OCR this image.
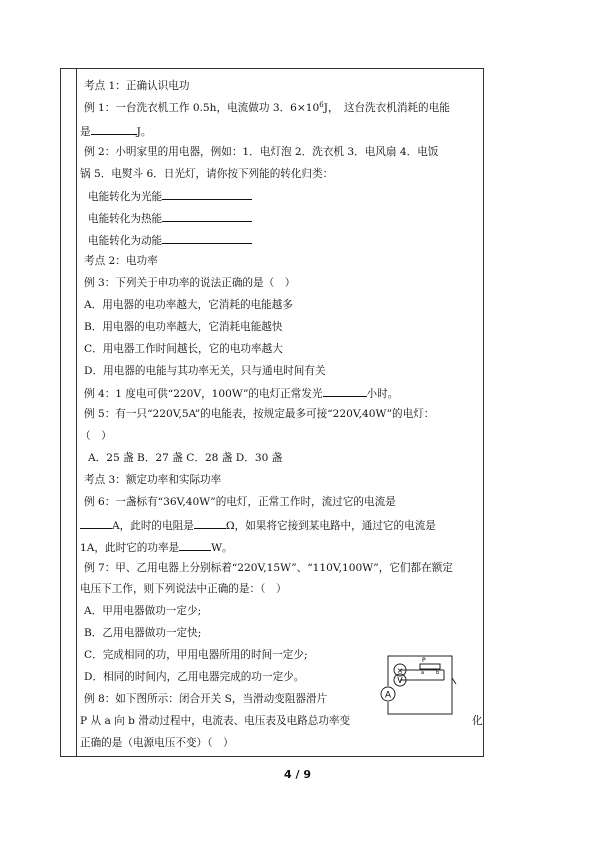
考点 1：正确认识电功
例 1：一台洗衣机工作 0.5h，电流做功 3．$6\times 10^6J$，　这台洗衣机消耗的电能
是	J。
例 2：小明家里的用电器，例如：1．电灯泡 2．洗衣机 3．电风扇 4．电饭
锅 5．电熨斗 6．日光灯，请你按下列能的转化归类：
电能转化为光能
电能转化为热能
电能转化为动能
考点 2：电功率
例 3：下列关于申功率的说法正确的是（　）
A．用电器的电功率越大，它消耗的电能越多
B．用电器的电功率越大，它消耗电能越快
C．用电器工作时间越长，它的电功率越大
D．用电器的电能与其功率无关，只与通电时间有关
例 4：1 度电可供“220V，100W”的电灯正常发光	小时。
例 5：有一只“220V,5A”的电能表，按规定最多可接“220V,40W”的电灯：
（　）
A．25 盏 B．27 盏 C．28 盏 D．30 盏
考点 3：额定功率和实际功率
例 6：一盏标有“36V,40W”的电灯，正常工作时，流过它的电流是
A，此时的电阻是	Ω，如果将它接到某电路中，通过它的电流是
1A，此时它的功率是	W。
例 7：甲、乙用电器上分别标着“220V,15W”、“110V,100W”，它们都在额定
电压下工作，则下列说法中正确的是：（　）
A．甲用电器做功一定少;
B．乙用电器做功一定快;
C．完成相同的功，甲用电器所用的时间一定少;
D．相同的时间内，乙用电器完成的功一定少。
例 8：如下图所示：闭合开关 S，当滑动变阻器滑片
P 从 a 向 b 滑动过程中，电流表、电压表及电路总功率变	化
正确的是（电源电压不变）（　）
A
×
V
P
a b
4 / 9
